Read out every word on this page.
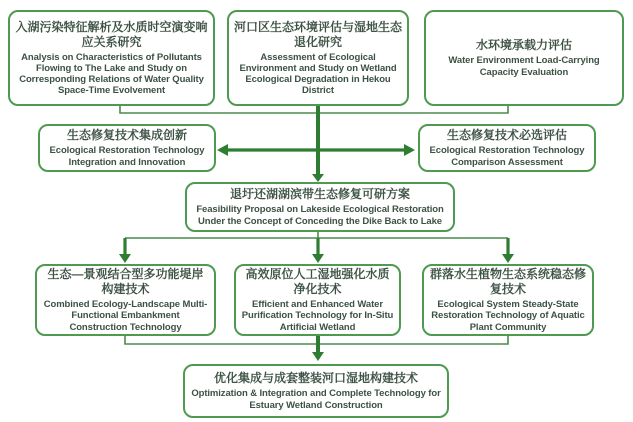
入湖污染特征解析及水质时空演变响应关系研究
Analysis on Characteristics of Pollutants Flowing to The Lake and Study on Corresponding Relations of Water Quality Space-Time Evolvement
河口区生态环境评估与湿地生态退化研究
Assessment of Ecological Environment and Study on Wetland Ecological Degradation in Hekou District
水环境承载力评估
Water Environment Load-Carrying Capacity Evaluation
生态修复技术集成创新
Ecological Restoration Technology Integration and Innovation
生态修复技术必选评估
Ecological Restoration Technology Comparison Assessment
退圩还湖湖滨带生态修复可研方案
Feasibility Proposal on Lakeside Ecological Restoration Under the Concept of Conceding the Dike Back to Lake
生态—景观结合型多功能堤岸构建技术
Combined Ecology-Landscape Multi-Functional Embankment Construction Technology
高效原位人工湿地强化水质净化技术
Efficient and Enhanced Water Purification Technology for In-Situ Artificial Wetland
群落水生植物生态系统稳态修复技术
Ecological System Steady-State Restoration Technology of Aquatic Plant Community
优化集成与成套整装河口湿地构建技术
Optimization & Integration and Complete Technology for Estuary Wetland Construction
